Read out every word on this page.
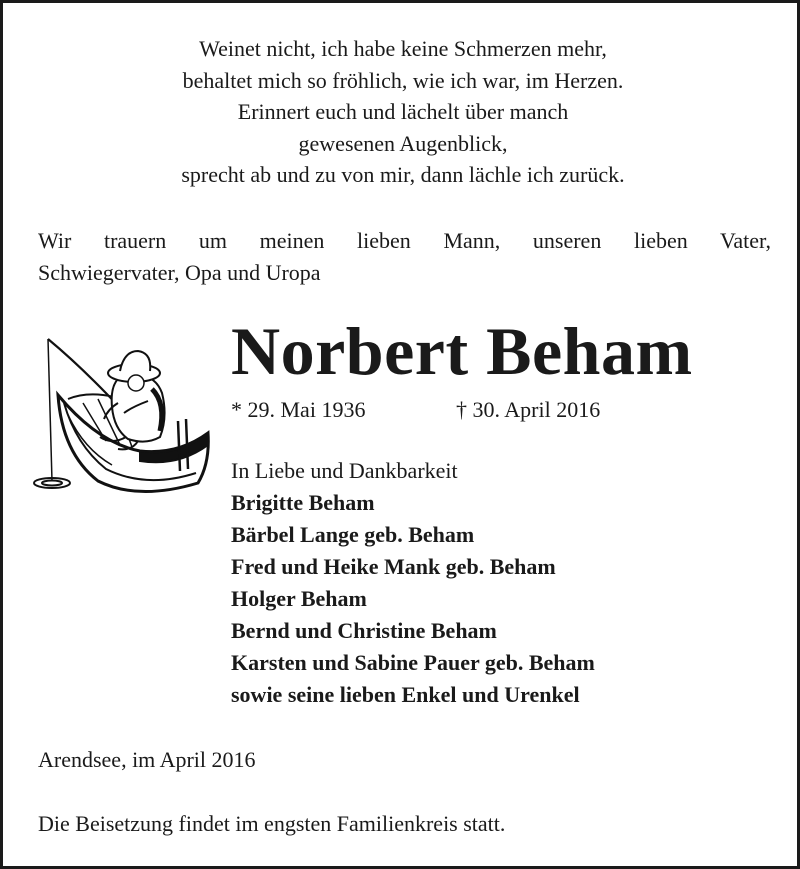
Weinet nicht, ich habe keine Schmerzen mehr,
behaltet mich so fröhlich, wie ich war, im Herzen.
Erinnert euch und lächelt über manch
gewesenen Augenblick,
sprecht ab und zu von mir, dann lächle ich zurück.
Wir trauern um meinen lieben Mann, unseren lieben Vater,
Schwiegervater, Opa und Uropa
Norbert Beham
* 29. Mai 1936	† 30. April 2016
In Liebe und Dankbarkeit
Brigitte Beham
Bärbel Lange geb. Beham
Fred und Heike Mank geb. Beham
Holger Beham
Bernd und Christine Beham
Karsten und Sabine Pauer geb. Beham
sowie seine lieben Enkel und Urenkel
Arendsee, im April 2016
Die Beisetzung findet im engsten Familienkreis statt.
